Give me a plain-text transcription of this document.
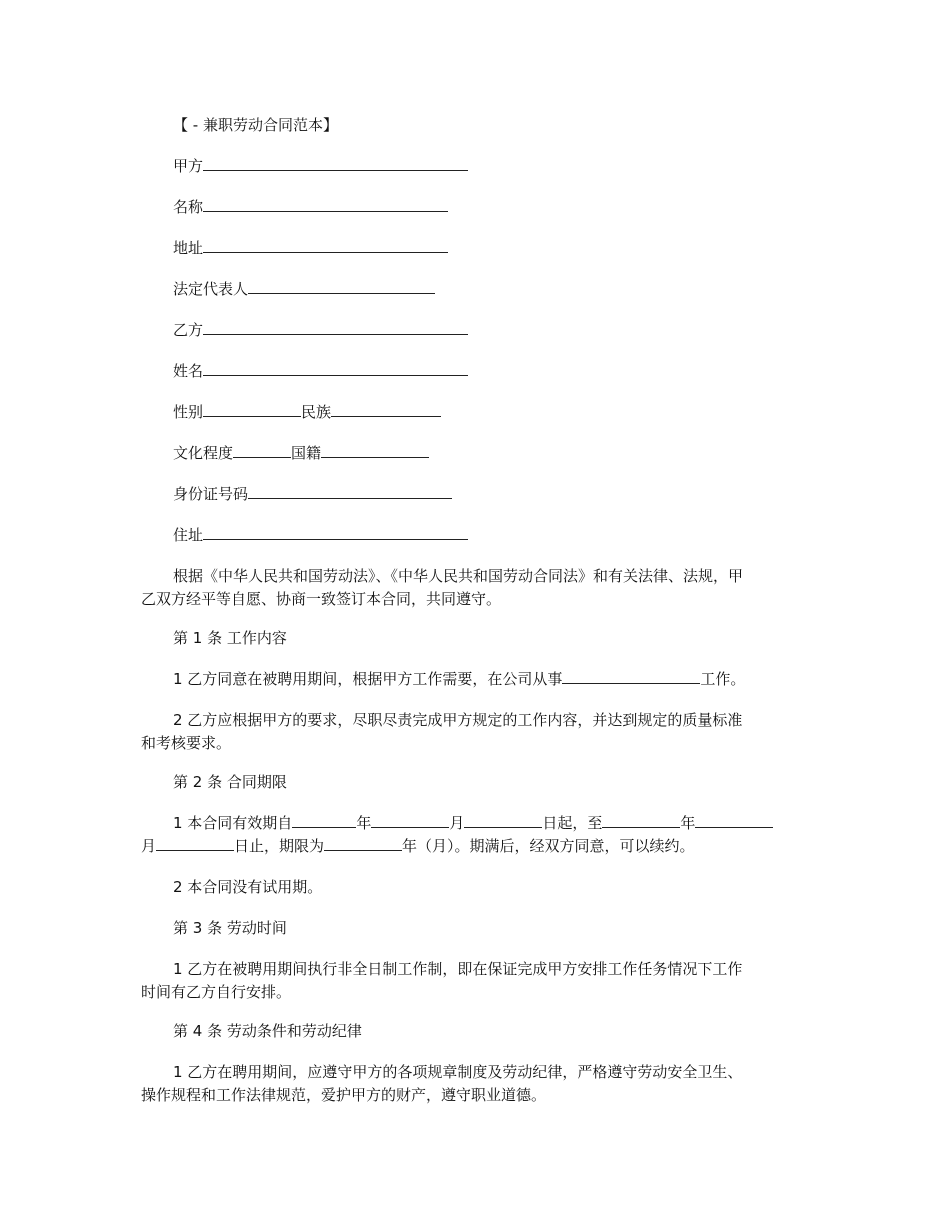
【 - 兼职劳动合同范本】
甲方
名称
地址
法定代表人
乙方
姓名
性别	民族
文化程度	国籍
身份证号码
住址
根据《中华人民共和国劳动法》、《中华人民共和国劳动合同法》和有关法律、法规，甲
乙双方经平等自愿、协商一致签订本合同，共同遵守。
第 1 条 工作内容
1 乙方同意在被聘用期间，根据甲方工作需要，在公司从事	工作。
2 乙方应根据甲方的要求，尽职尽责完成甲方规定的工作内容，并达到规定的质量标准
和考核要求。
第 2 条 合同期限
1 本合同有效期自	年	月	日起，至	年
月	日止，期限为	年（月）。期满后，经双方同意，可以续约。
2 本合同没有试用期。
第 3 条 劳动时间
1 乙方在被聘用期间执行非全日制工作制，即在保证完成甲方安排工作任务情况下工作
时间有乙方自行安排。
第 4 条 劳动条件和劳动纪律
1 乙方在聘用期间，应遵守甲方的各项规章制度及劳动纪律，严格遵守劳动安全卫生、
操作规程和工作法律规范，爱护甲方的财产，遵守职业道德。
